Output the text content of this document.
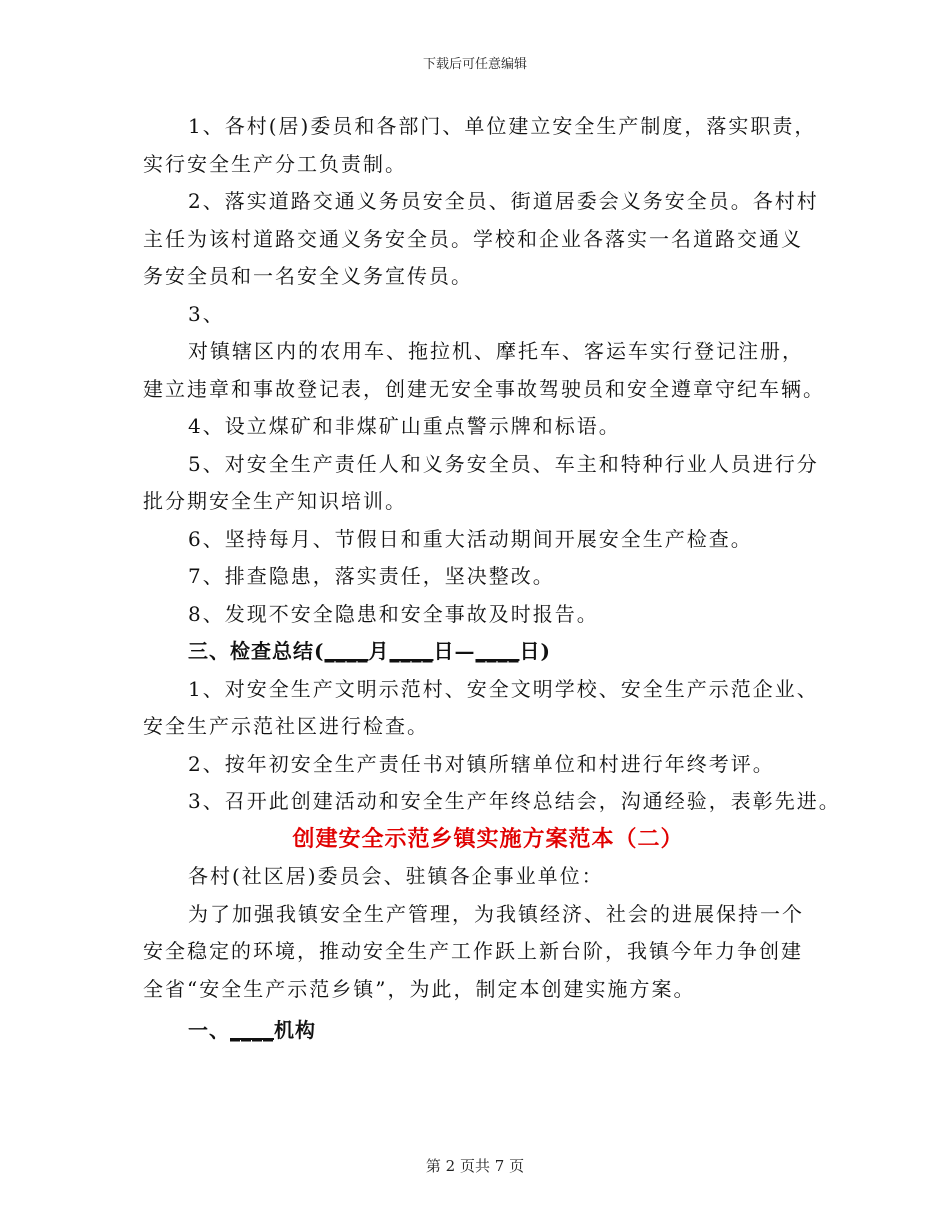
下载后可任意编辑

1、各村(居)委员和各部门、单位建立安全生产制度，落实职责，

实行安全生产分工负责制。

2、落实道路交通义务员安全员、街道居委会义务安全员。各村村

主任为该村道路交通义务安全员。学校和企业各落实一名道路交通义

务安全员和一名安全义务宣传员。

3、

对镇辖区内的农用车、拖拉机、摩托车、客运车实行登记注册，

建立违章和事故登记表，创建无安全事故驾驶员和安全遵章守纪车辆。

4、设立煤矿和非煤矿山重点警示牌和标语。

5、对安全生产责任人和义务安全员、车主和特种行业人员进行分

批分期安全生产知识培训。

6、坚持每月、节假日和重大活动期间开展安全生产检查。

7、排查隐患，落实责任，坚决整改。

8、发现不安全隐患和安全事故及时报告。

三、检查总结(____月____日—____日)

1、对安全生产文明示范村、安全文明学校、安全生产示范企业、

安全生产示范社区进行检查。

2、按年初安全生产责任书对镇所辖单位和村进行年终考评。

3、召开此创建活动和安全生产年终总结会，沟通经验，表彰先进。

创建安全示范乡镇实施方案范本（二）

各村(社区居)委员会、驻镇各企事业单位：

为了加强我镇安全生产管理，为我镇经济、社会的进展保持一个

安全稳定的环境，推动安全生产工作跃上新台阶，我镇今年力争创建

全省“安全生产示范乡镇”，为此，制定本创建实施方案。

一、____机构

第 2 页共 7 页
